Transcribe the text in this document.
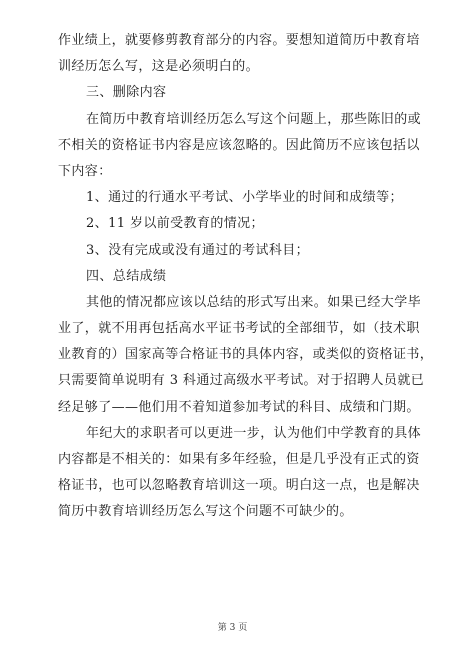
作业绩上，就要修剪教育部分的内容。要想知道简历中教育培
训经历怎么写，这是必须明白的。
三、删除内容
在简历中教育培训经历怎么写这个问题上，那些陈旧的或
不相关的资格证书内容是应该忽略的。因此简历不应该包括以
下内容：
1、通过的行通水平考试、小学毕业的时间和成绩等；
2、11 岁以前受教育的情况；
3、没有完成或没有通过的考试科目；
四、总结成绩
其他的情况都应该以总结的形式写出来。如果已经大学毕
业了，就不用再包括高水平证书考试的全部细节，如（技术职
业教育的）国家高等合格证书的具体内容，或类似的资格证书，
只需要简单说明有 3 科通过高级水平考试。对于招聘人员就已
经足够了——他们用不着知道参加考试的科目、成绩和门期。
年纪大的求职者可以更进一步，认为他们中学教育的具体
内容都是不相关的：如果有多年经验，但是几乎没有正式的资
格证书，也可以忽略教育培训这一项。明白这一点，也是解决
简历中教育培训经历怎么写这个问题不可缺少的。
第 3 页
